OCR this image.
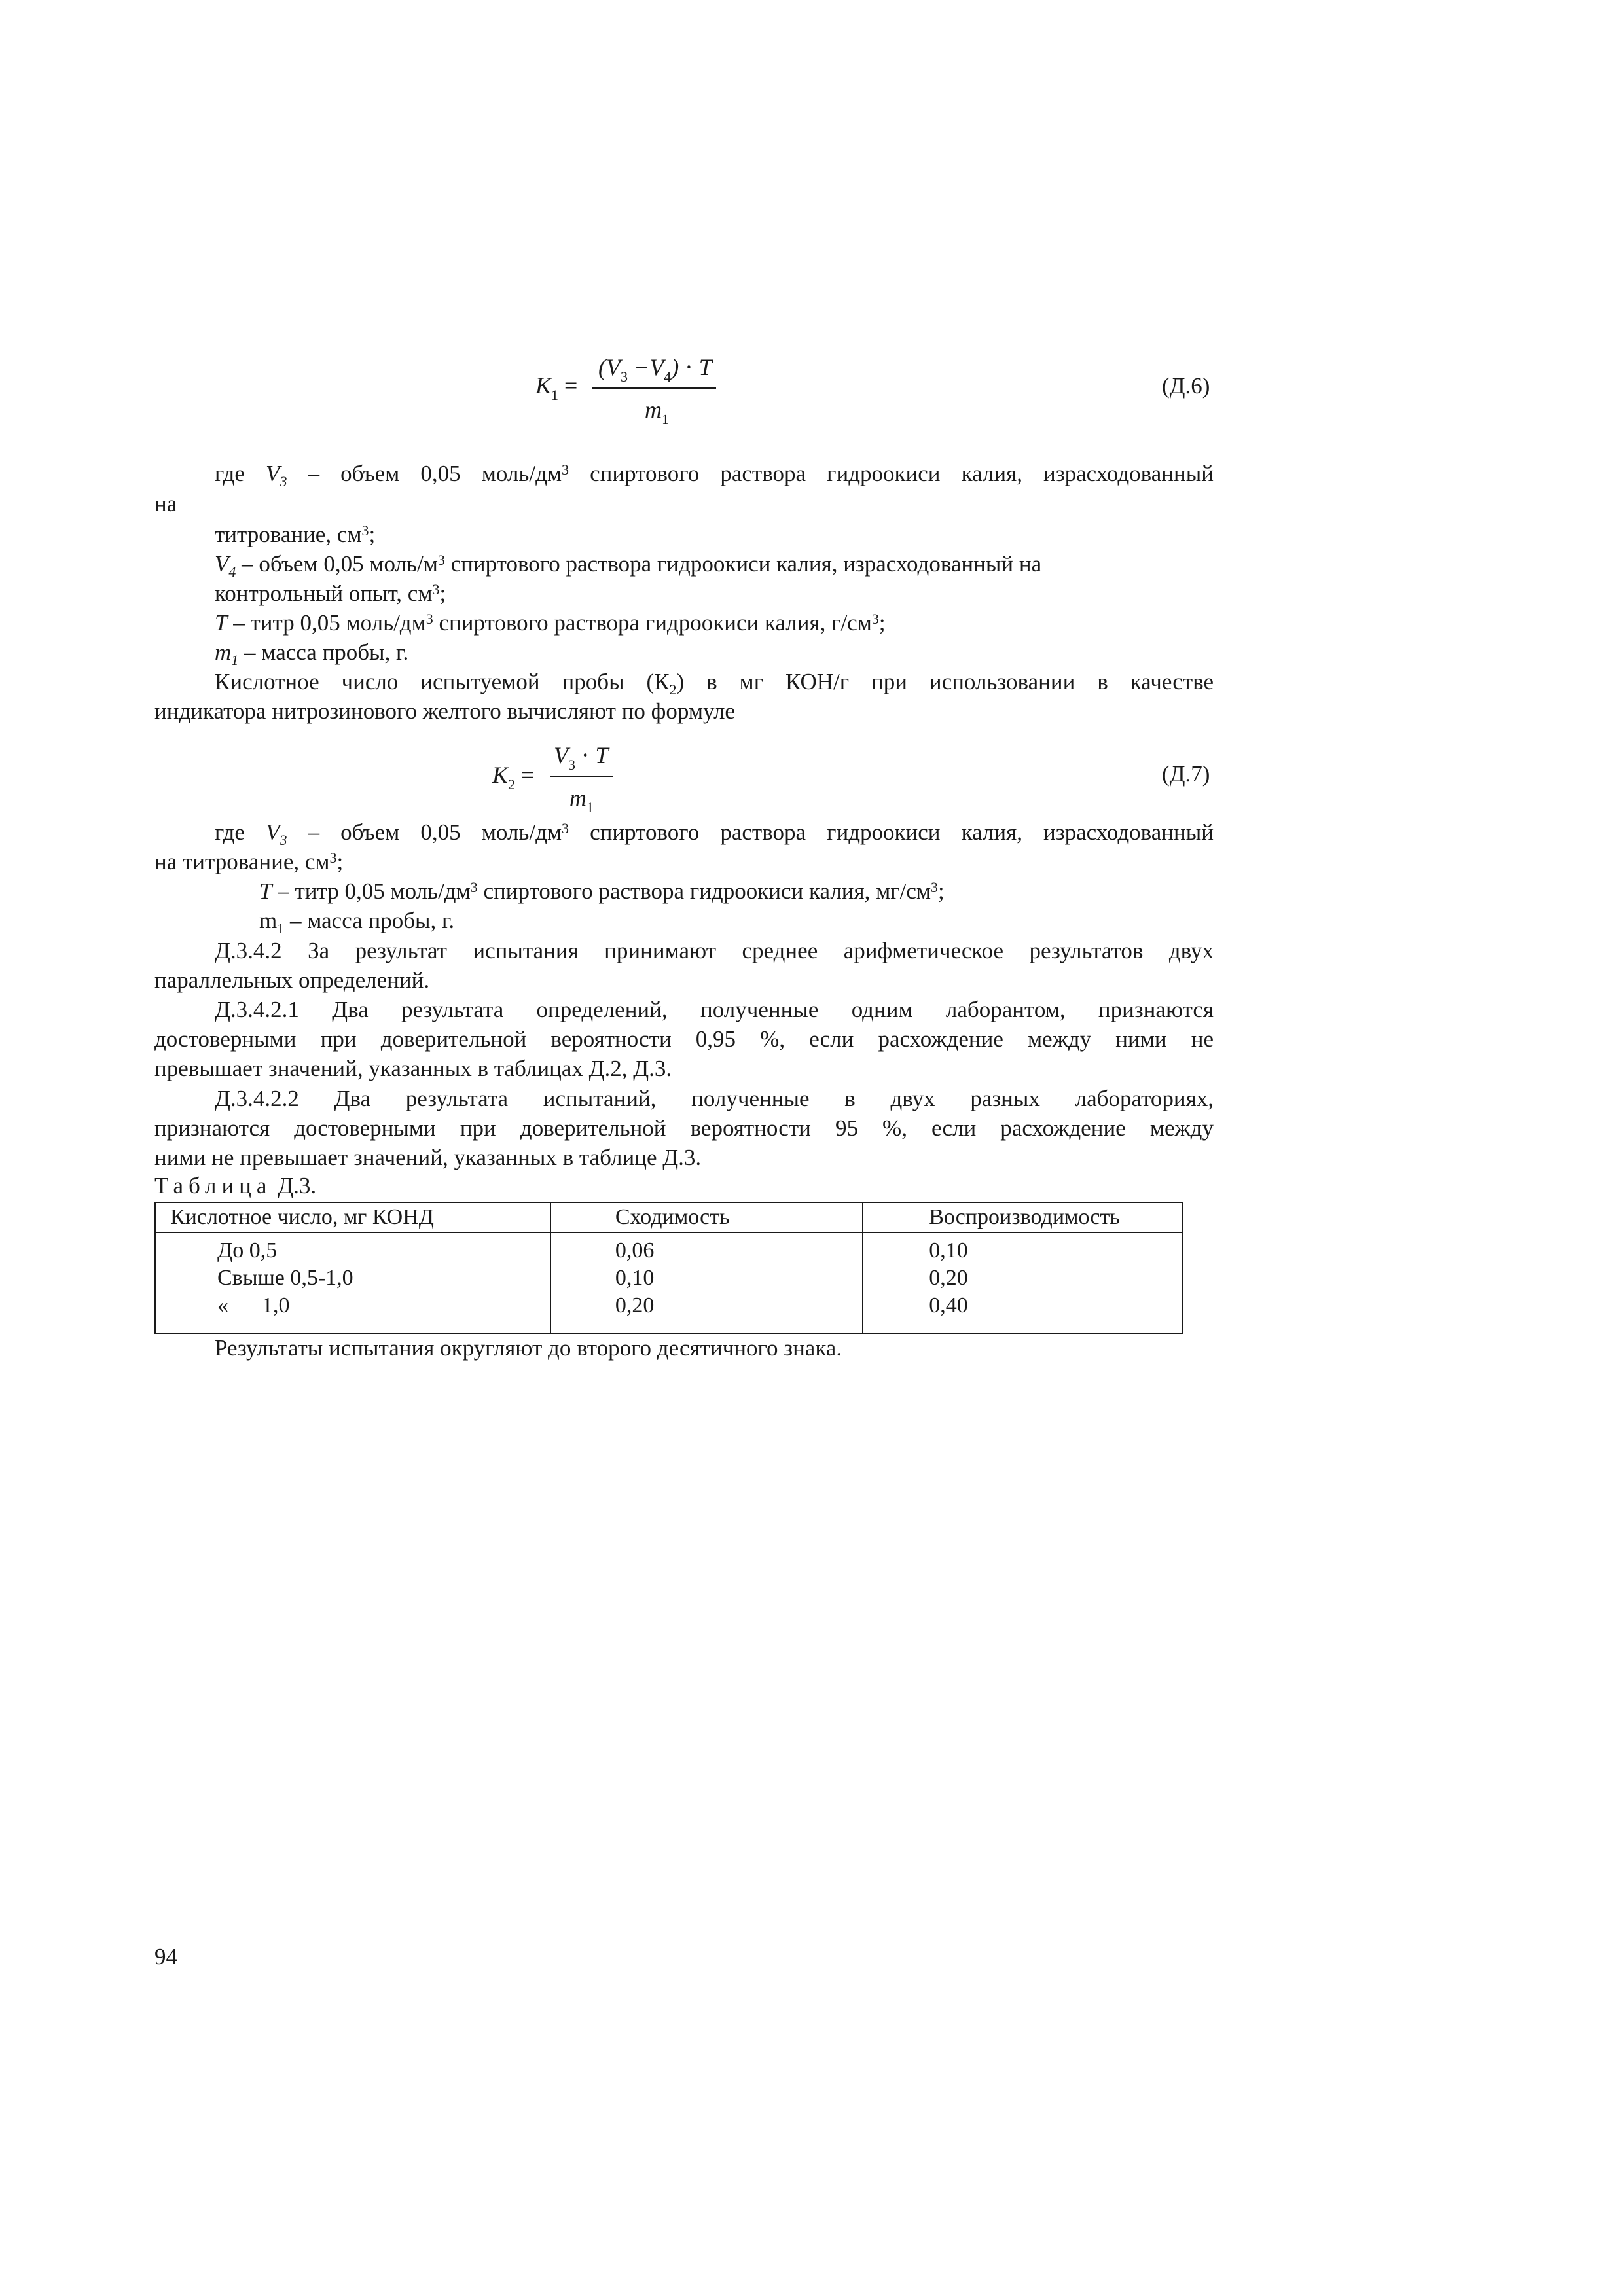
$K_1$ =
$(V_3 -V_4) \cdot T$
$m_1$
(Д.6)
где $V_3$ – объем 0,05 моль/$дм^3$ спиртового раствора гидроокиси калия, израсходованный
на
титрование, $см^3$;
$V_4$ – объем 0,05 моль/$м^3$ спиртового раствора гидроокиси калия, израсходованный на
контрольный опыт, $см^3$;
T – титр 0,05 моль/$дм^3$ спиртового раствора гидроокиси калия, $г/см^3$;
$m_1$ – масса пробы, г.
Кислотное число испытуемой пробы $(К_2)$ в мг КОН/г при использовании в качестве
индикатора нитрозинового желтого вычисляют по формуле
$K_2$ =
$V_3 \cdot T$
$m_1$
(Д.7)
где $V_3$ – объем 0,05 моль/$дм^3$ спиртового раствора гидроокиси калия, израсходованный
на титрование, $см^3$;
T – титр 0,05 моль/$дм^3$ спиртового раствора гидроокиси калия, $мг/см^3$;
$m_1$ – масса пробы, г.
Д.3.4.2 За результат испытания принимают среднее арифметическое результатов двух
параллельных определений.
Д.3.4.2.1 Два результата определений, полученные одним лаборантом, признаются
достоверными при доверительной вероятности 0,95 %, если расхождение между ними не
превышает значений, указанных в таблицах Д.2, Д.3.
Д.3.4.2.2 Два результата испытаний, полученные в двух разных лабораториях,
признаются достоверными при доверительной вероятности 95 %, если расхождение между
ними не превышает значений, указанных в таблице Д.3.
Таблица Д.3.
Кислотное число, мг КОНД	Сходимость	Воспроизводимость
До 0,5	0,06	0,10
Свыше 0,5-1,0	0,10	0,20
«      1,0	0,20	0,40
Результаты испытания округляют до второго десятичного знака.
94
